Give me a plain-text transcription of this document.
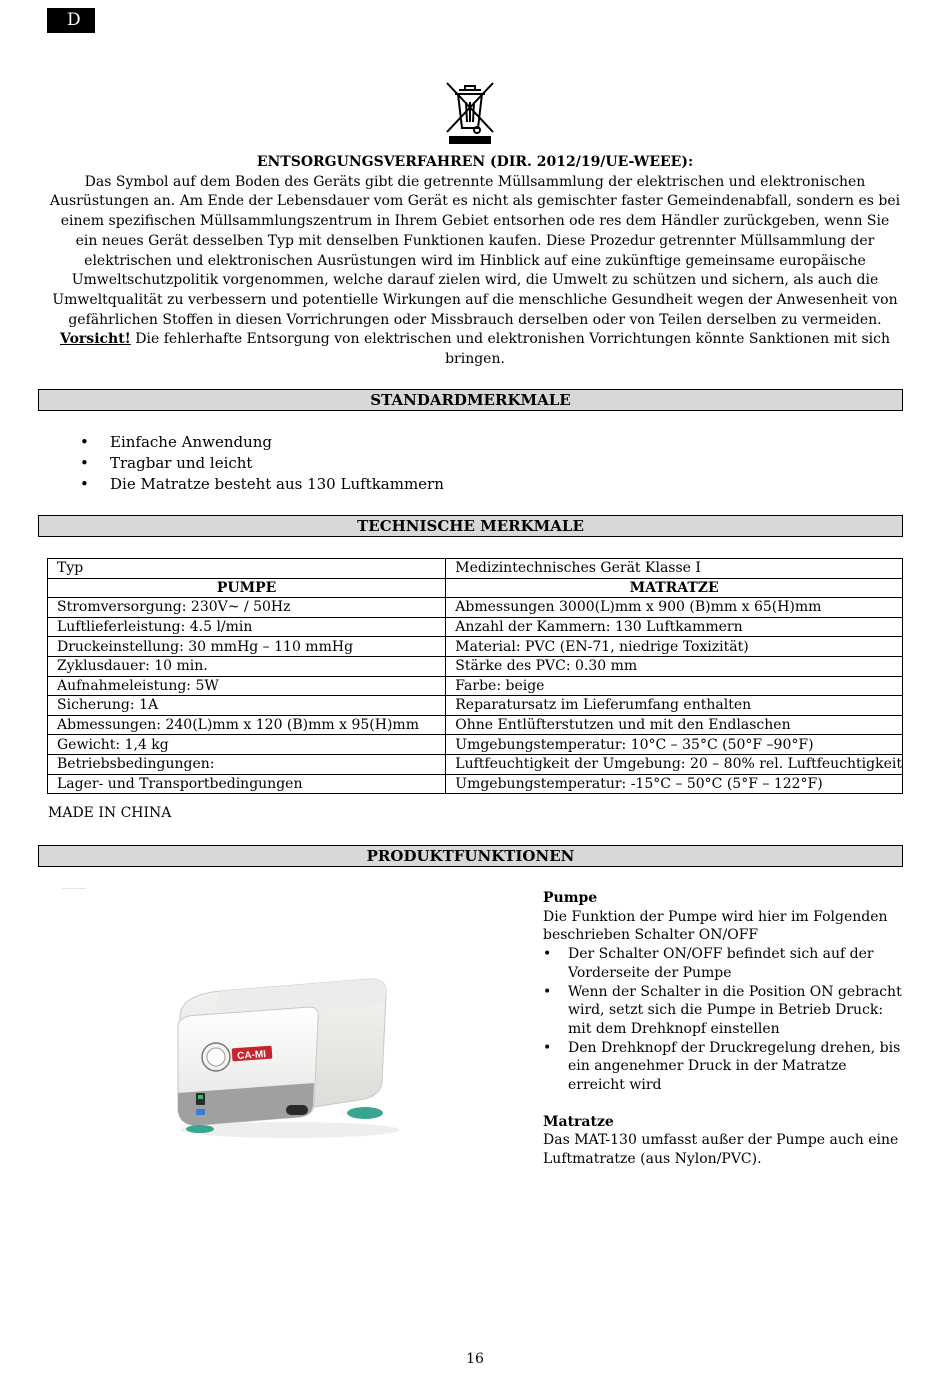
D
ENTSORGUNGSVERFAHREN (DIR. 2012/19/UE-WEEE):
Das Symbol auf dem Boden des Geräts gibt die getrennte Müllsammlung der elektrischen und elektronischen
Ausrüstungen an. Am Ende der Lebensdauer vom Gerät es nicht als gemischter faster Gemeindenabfall, sondern es bei
einem spezifischen Müllsammlungszentrum in Ihrem Gebiet entsorhen ode res dem Händler zurückgeben, wenn Sie
ein neues Gerät desselben Typ mit denselben Funktionen kaufen. Diese Prozedur getrennter Müllsammlung der
elektrischen und elektronischen Ausrüstungen wird im Hinblick auf eine zukünftige gemeinsame europäische
Umweltschutzpolitik vorgenommen, welche darauf zielen wird, die Umwelt zu schützen und sichern, als auch die
Umweltqualität zu verbessern und potentielle Wirkungen auf die menschliche Gesundheit wegen der Anwesenheit von
gefährlichen Stoffen in diesen Vorrichrungen oder Missbrauch derselben oder von Teilen derselben zu vermeiden.
Vorsicht! Die fehlerhafte Entsorgung von elektrischen und elektronishen Vorrichtungen könnte Sanktionen mit sich
bringen.
STANDARDMERKMALE
• Einfache Anwendung
• Tragbar und leicht
• Die Matratze besteht aus 130 Luftkammern
TECHNISCHE MERKMALE
Typ	Medizintechnisches Gerät Klasse I
PUMPE	MATRATZE
Stromversorgung: 230V~ / 50Hz	Abmessungen 3000(L)mm x 900 (B)mm x 65(H)mm
Luftlieferleistung: 4.5 l/min	Anzahl der Kammern: 130 Luftkammern
Druckeinstellung: 30 mmHg – 110 mmHg	Material: PVC (EN-71, niedrige Toxizität)
Zyklusdauer: 10 min.	Stärke des PVC: 0.30 mm
Aufnahmeleistung: 5W	Farbe: beige
Sicherung: 1A	Reparatursatz im Lieferumfang enthalten
Abmessungen: 240(L)mm x 120 (B)mm x 95(H)mm	Ohne Entlüfterstutzen und mit den Endlaschen
Gewicht: 1,4 kg	Umgebungstemperatur: 10°C – 35°C (50°F –90°F)
Betriebsbedingungen:	Luftfeuchtigkeit der Umgebung: 20 – 80% rel. Luftfeuchtigkeit
Lager- und Transportbedingungen	Umgebungstemperatur: -15°C – 50°C (5°F – 122°F)
MADE IN CHINA
PRODUKTFUNKTIONEN
CA-MI
Pumpe
Die Funktion der Pumpe wird hier im Folgenden beschrieben Schalter ON/OFF
• Der Schalter ON/OFF befindet sich auf der Vorderseite der Pumpe
• Wenn der Schalter in die Position ON gebracht wird, setzt sich die Pumpe in Betrieb Druck: mit dem Drehknopf einstellen
• Den Drehknopf der Druckregelung drehen, bis ein angenehmer Druck in der Matratze erreicht wird
Matratze
Das MAT-130 umfasst außer der Pumpe auch eine Luftmatratze (aus Nylon/PVC).
16
